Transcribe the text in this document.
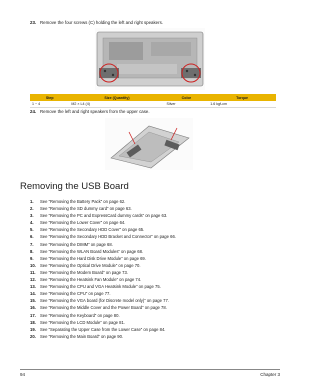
23. Remove the four screws (C) holding the left and right speakers.
Step	Size (Quantity)	Color	Torque
1 ~ 4	M2 × L4 (4)	Silver	1.6 kgf-cm
24. Remove the left and right speakers from the upper case.
Removing the USB Board
1. See “Removing the Battery Pack” on page 62.
2. See “Removing the SD dummy card” on page 63.
3. See “Removing the PC and ExpressCard dummy cards” on page 63.
4. See “Removing the Lower Cover” on page 64.
5. See “Removing the Secondary HDD Cover” on page 65.
6. See “Removing the Secondary HDD Bracket and Connector” on page 66.
7. See “Removing the DIMM” on page 68.
8. See “Removing the WLAN Board Modules” on page 68.
9. See “Removing the Hard Disk Drive Module” on page 69.
10. See “Removing the Optical Drive Module” on page 70.
11. See “Removing the Modem Board” on page 73.
12. See “Removing the Heatsink Fan Module” on page 74.
13. See “Removing the CPU and VGA Heatsink Module” on page 75.
14. See “Removing the CPU” on page 77.
15. See “Removing the VGA board (for Discrete model only)” on page 77.
16. See “Removing the Middle Cover and the Power Board” on page 78.
17. See “Removing the Keyboard” on page 80.
18. See “Removing the LCD Module” on page 81.
19. See “Separating the Upper Case from the Lower Case” on page 84.
20. See “Removing the Main Board” on page 90.
94	Chapter 3
